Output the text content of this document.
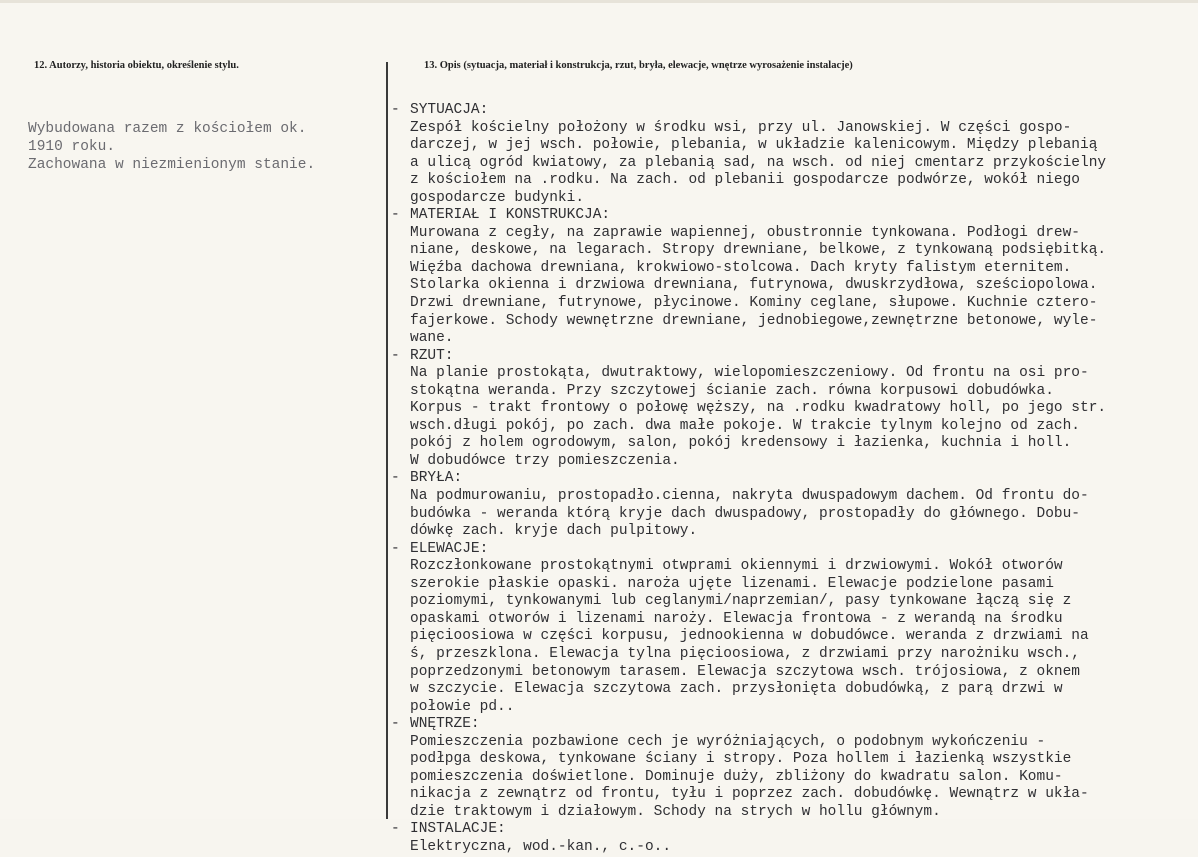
12. Autorzy, historia obiektu, określenie stylu.	13. Opis (sytuacja, materiał i konstrukcja, rzut, bryła, elewacje, wnętrze wyrosażenie instalacje)
Wybudowana razem z kościołem ok.
1910 roku.
Zachowana w niezmienionym stanie.
- SYTUACJA:
Zespół kościelny położony w środku wsi, przy ul. Janowskiej. W części gospo-
darczej, w jej wsch. połowie, plebania, w układzie kalenicowym. Między plebanią
a ulicą ogród kwiatowy, za plebanią sad, na wsch. od niej cmentarz przykościelny
z kościołem na .rodku. Na zach. od plebanii gospodarcze podwórze, wokół niego
gospodarcze budynki.
- MATERIAŁ I KONSTRUKCJA:
Murowana z cegły, na zaprawie wapiennej, obustronnie tynkowana. Podłogi drew-
niane, deskowe, na legarach. Stropy drewniane, belkowe, z tynkowaną podsiębitką.
Więźba dachowa drewniana, krokwiowo-stolcowa. Dach kryty falistym eternitem.
Stolarka okienna i drzwiowa drewniana, futrynowa, dwuskrzydłowa, sześciopolowa.
Drzwi drewniane, futrynowe, płycinowe. Kominy ceglane, słupowe. Kuchnie cztero-
fajerkowe. Schody wewnętrzne drewniane, jednobiegowe,zewnętrzne betonowe, wyle-
wane.
- RZUT:
Na planie prostokąta, dwutraktowy, wielopomieszczeniowy. Od frontu na osi pro-
stokątna weranda. Przy szczytowej ścianie zach. równa korpusowi dobudówka.
Korpus - trakt frontowy o połowę węższy, na .rodku kwadratowy holl, po jego str.
wsch.długi pokój, po zach. dwa małe pokoje. W trakcie tylnym kolejno od zach.
pokój z holem ogrodowym, salon, pokój kredensowy i łazienka, kuchnia i holl.
W dobudówce trzy pomieszczenia.
- BRYŁA:
Na podmurowaniu, prostopadło.cienna, nakryta dwuspadowym dachem. Od frontu do-
budówka - weranda którą kryje dach dwuspadowy, prostopadły do głównego. Dobu-
dówkę zach. kryje dach pulpitowy.
- ELEWACJE:
Rozczłonkowane prostokątnymi otwprami okiennymi i drzwiowymi. Wokół otworów
szerokie płaskie opaski. naroża ujęte lizenami. Elewacje podzielone pasami
poziomymi, tynkowanymi lub ceglanymi/naprzemian/, pasy tynkowane łączą się z
opaskami otworów i lizenami naroży. Elewacja frontowa - z werandą na środku
pięcioosiowa w części korpusu, jednookienna w dobudówce. weranda z drzwiami na
ś, przeszklona. Elewacja tylna pięcioosiowa, z drzwiami przy narożniku wsch.,
poprzedzonymi betonowym tarasem. Elewacja szczytowa wsch. trójosiowa, z oknem
w szczycie. Elewacja szczytowa zach. przysłonięta dobudówką, z parą drzwi w
połowie pd..
- WNĘTRZE:
Pomieszczenia pozbawione cech je wyróżniających, o podobnym wykończeniu -
podłpga deskowa, tynkowane ściany i stropy. Poza hollem i łazienką wszystkie
pomieszczenia doświetlone. Dominuje duży, zbliżony do kwadratu salon. Komu-
nikacja z zewnątrz od frontu, tyłu i poprzez zach. dobudówkę. Wewnątrz w ukła-
dzie traktowym i działowym. Schody na strych w hollu głównym.
- INSTALACJE:
Elektryczna, wod.-kan., c.-o..
